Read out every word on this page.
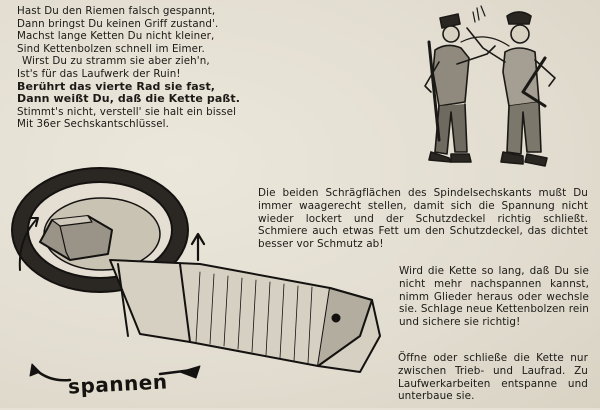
Hast Du den Riemen falsch gespannt,
Dann bringst Du keinen Griff zustand'.
Machst lange Ketten Du nicht kleiner,
Sind Kettenbolzen schnell im Eimer.
Wirst Du zu stramm sie aber zieh'n,
Ist's für das Laufwerk der Ruin!
Berührt das vierte Rad sie fast,
Dann weißt Du, daß die Kette paßt.
Stimmt's nicht, verstell' sie halt ein bissel
Mit 36er Sechskantschlüssel.
spannen
Die beiden Schrägflächen des Spindelsechskants mußt Du immer waagerecht stellen, damit sich die Spannung nicht wieder lockert und der Schutzdeckel richtig schließt. Schmiere auch etwas Fett um den Schutzdeckel, das dichtet besser vor Schmutz ab!
Wird die Kette so lang, daß Du sie nicht mehr nachspannen kannst, nimm Glieder heraus oder wechsle sie. Schlage neue Kettenbolzen rein und sichere sie richtig!
Öffne oder schließe die Kette nur zwischen Trieb- und Laufrad. Zu Laufwerkarbeiten entspanne und unterbaue sie.
